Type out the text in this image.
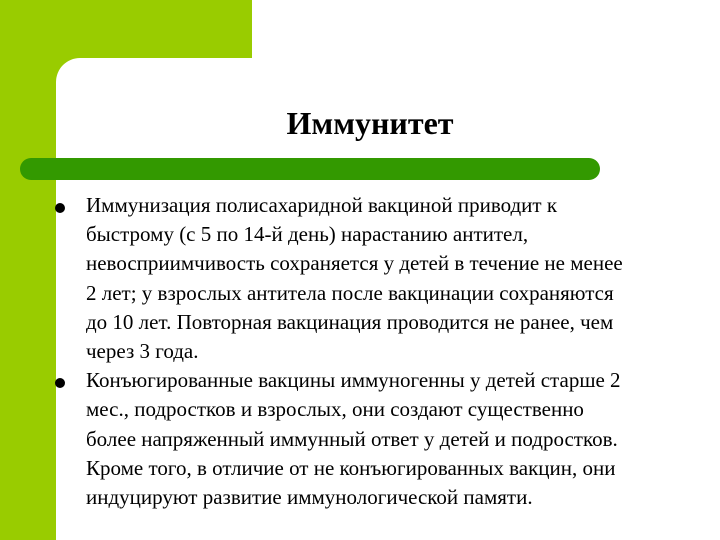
Иммунитет
Иммунизация полисахаридной вакциной приводит к
быстрому (с 5 по 14-й день) нарастанию антител,
невосприимчивость сохраняется у детей в течение не менее
2 лет; у взрослых антитела после вакцинации сохраняются
до 10 лет. Повторная вакцинация проводится не ранее, чем
через 3 года.
Конъюгированные вакцины иммуногенны у детей старше 2
мес., подростков и взрослых, они создают существенно
более напряженный иммунный ответ у детей и подростков.
Кроме того, в отличие от не конъюгированных вакцин, они
индуцируют развитие иммунологической памяти.
